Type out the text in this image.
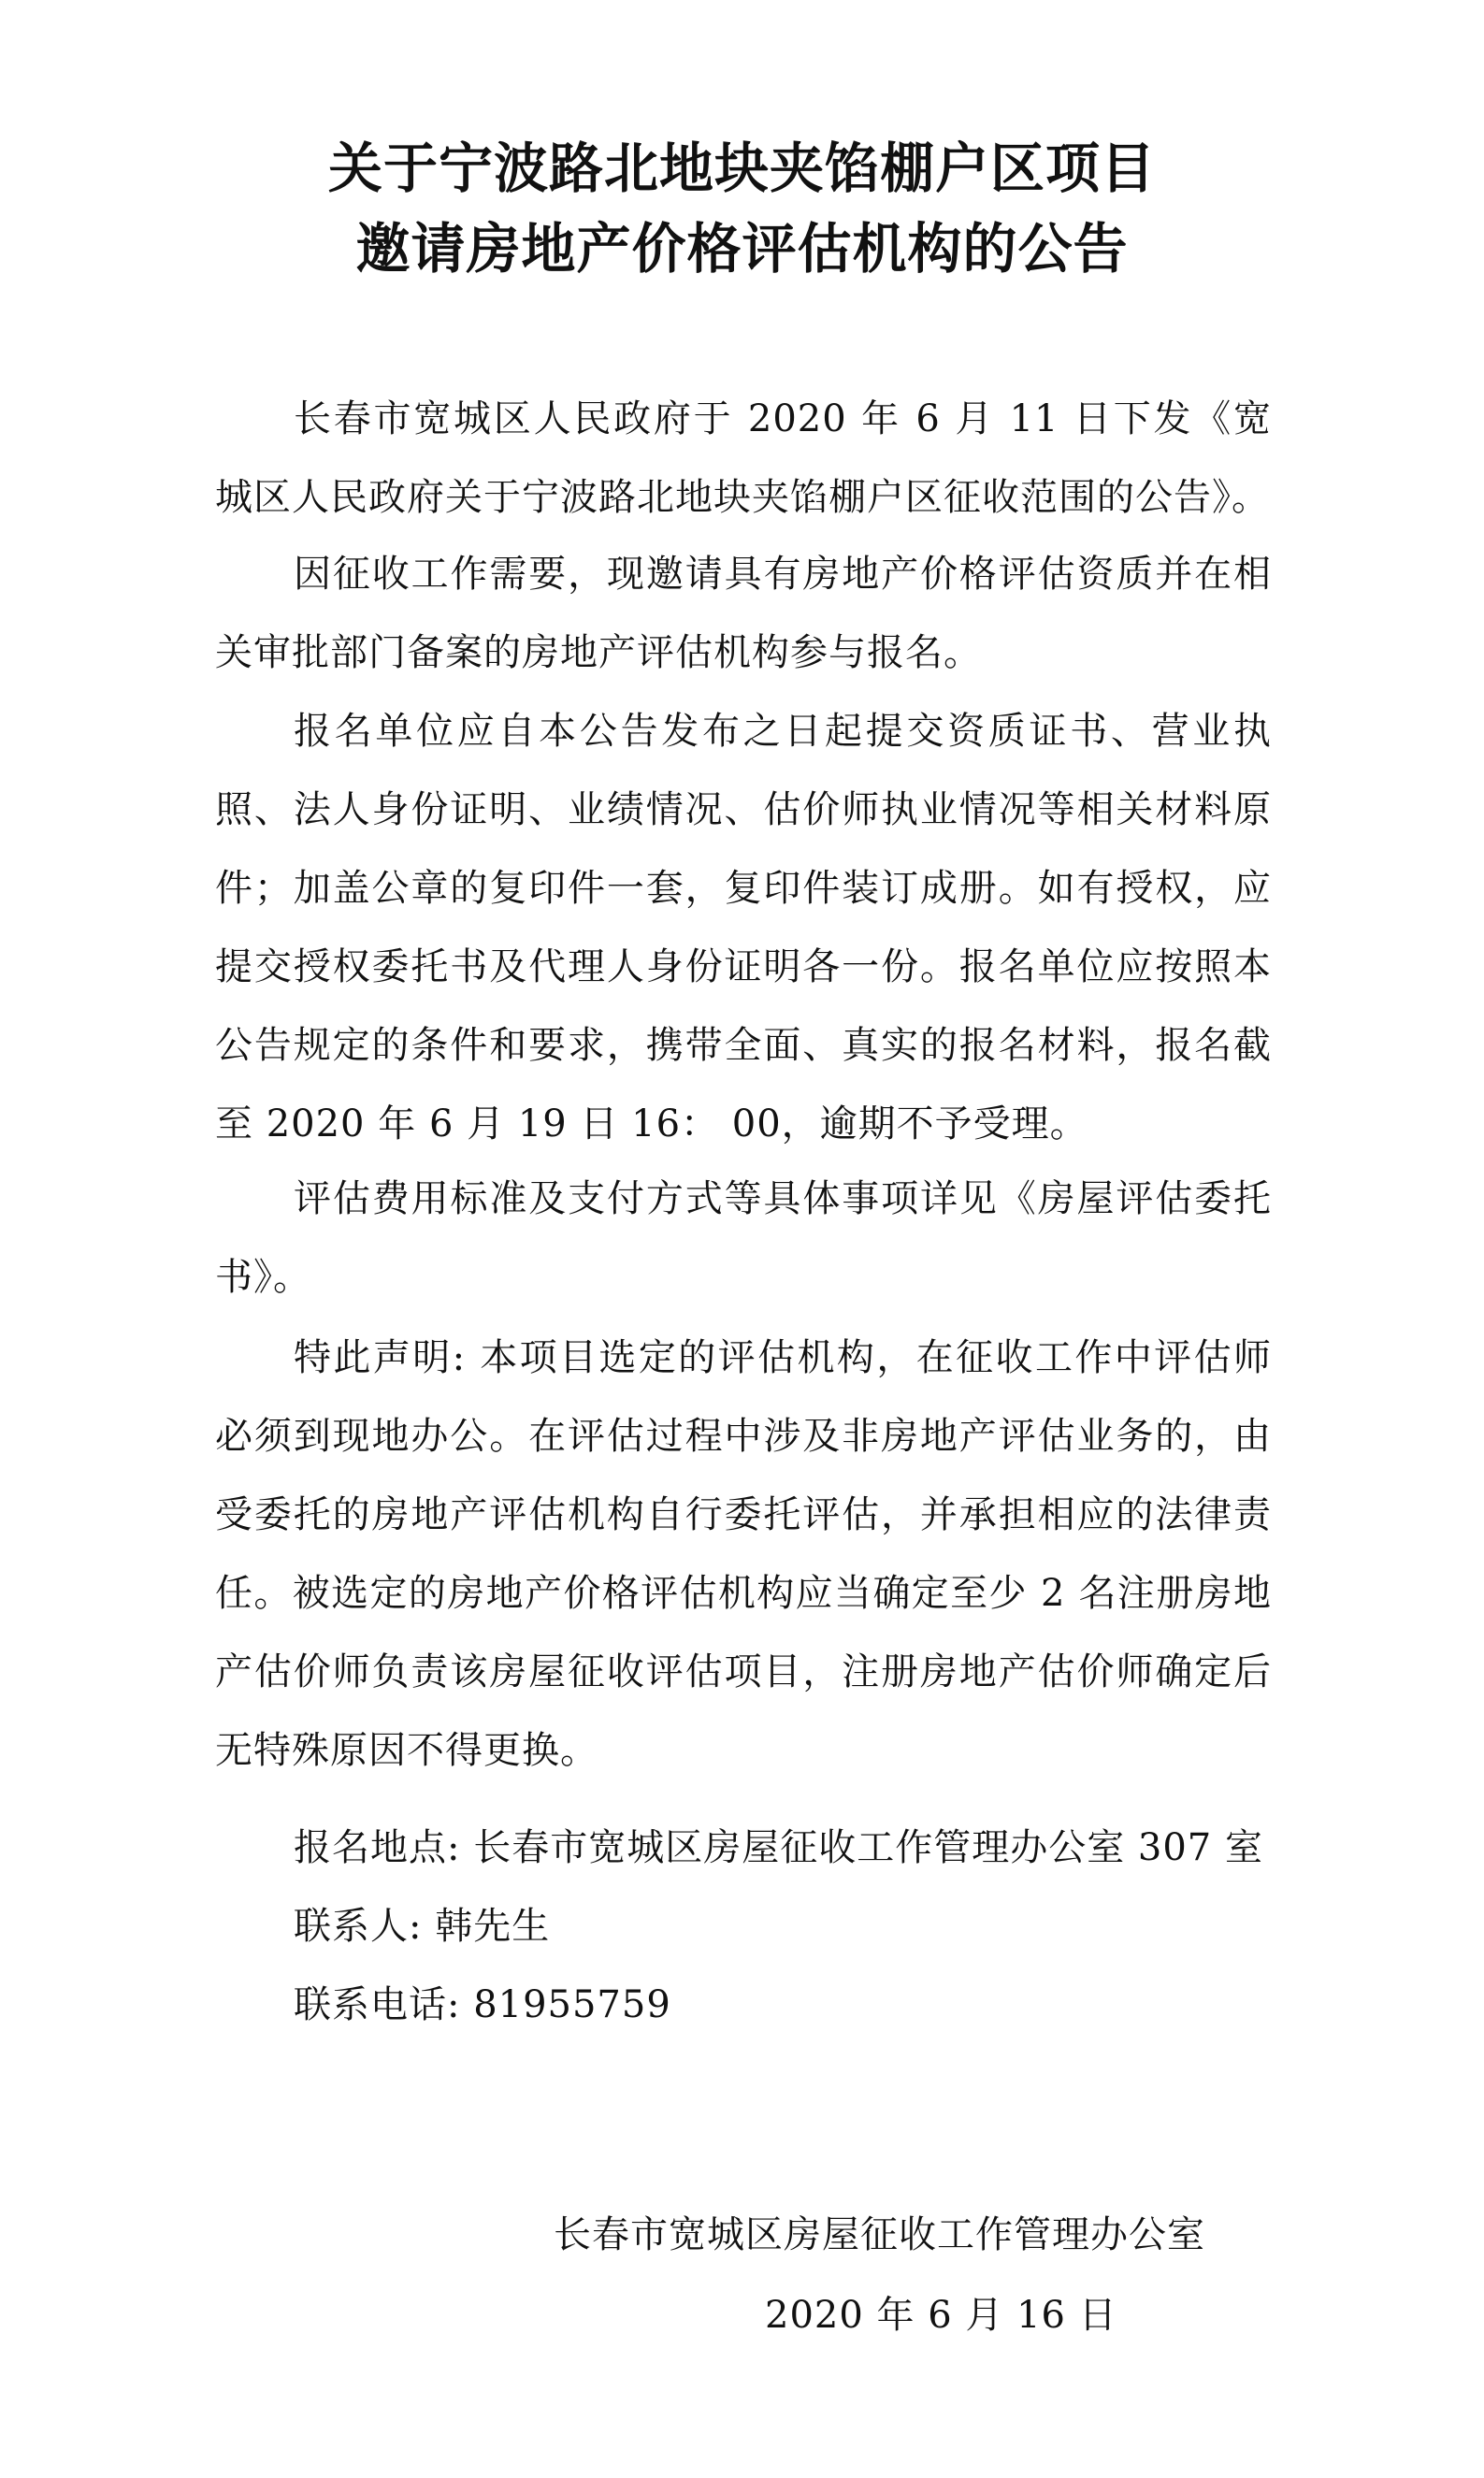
关于宁波路北地块夹馅棚户区项目
邀请房地产价格评估机构的公告

长春市宽城区人民政府于 2020 年 6 月 11 日下发《宽城区人民政府关于宁波路北地块夹馅棚户区征收范围的公告》。

因征收工作需要，现邀请具有房地产价格评估资质并在相关审批部门备案的房地产评估机构参与报名。

报名单位应自本公告发布之日起提交资质证书、营业执照、法人身份证明、业绩情况、估价师执业情况等相关材料原件；加盖公章的复印件一套，复印件装订成册。如有授权，应提交授权委托书及代理人身份证明各一份。报名单位应按照本公告规定的条件和要求，携带全面、真实的报名材料，报名截至 2020 年 6 月 19 日 16： 00，逾期不予受理。

评估费用标准及支付方式等具体事项详见《房屋评估委托书》。

特此声明: 本项目选定的评估机构，在征收工作中评估师必须到现地办公。在评估过程中涉及非房地产评估业务的，由受委托的房地产评估机构自行委托评估，并承担相应的法律责任。被选定的房地产价格评估机构应当确定至少 2 名注册房地产估价师负责该房屋征收评估项目，注册房地产估价师确定后无特殊原因不得更换。

报名地点: 长春市宽城区房屋征收工作管理办公室 307 室
联系人: 韩先生
联系电话: 81955759
长春市宽城区房屋征收工作管理办公室
2020 年 6 月 16 日
